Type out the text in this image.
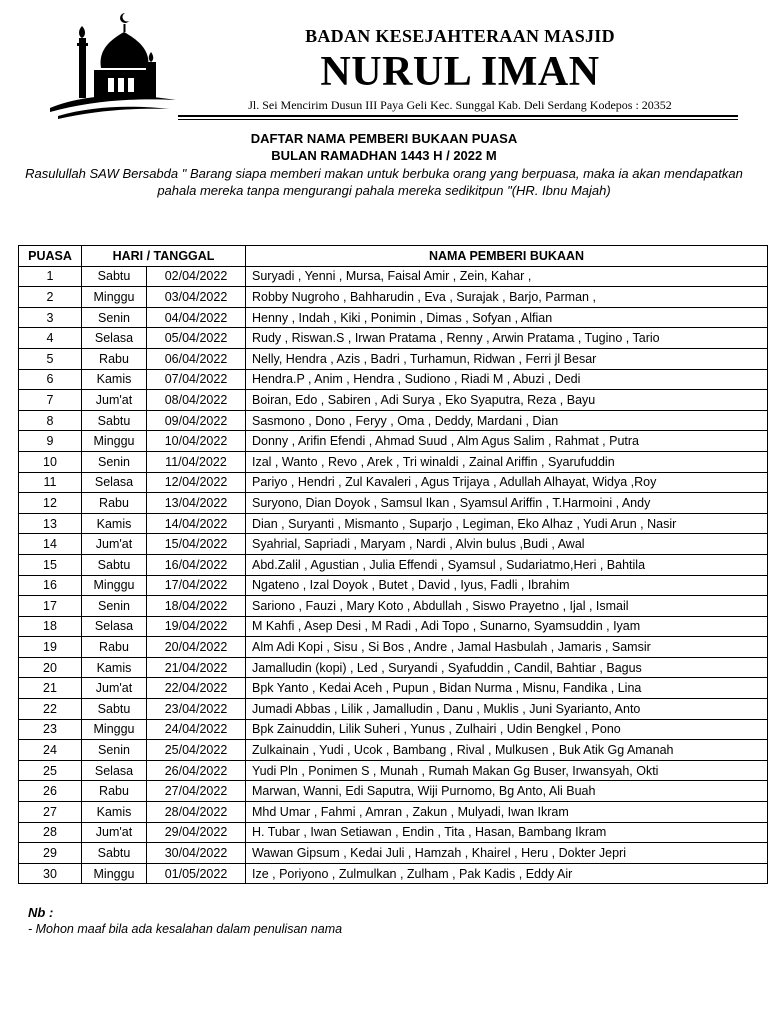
BADAN KESEJAHTERAAN MASJID
NURUL IMAN
Jl. Sei Mencirim Dusun III Paya Geli Kec. Sunggal Kab. Deli Serdang Kodepos : 20352
DAFTAR NAMA PEMBERI BUKAAN PUASA
BULAN RAMADHAN 1443 H / 2022 M
Rasulullah SAW Bersabda " Barang siapa memberi makan untuk berbuka orang yang berpuasa, maka ia akan mendapatkan pahala mereka tanpa mengurangi pahala mereka sedikitpun "(HR. Ibnu Majah)
PUASA	HARI / TANGGAL		NAMA PEMBERI BUKAAN
1	Sabtu	02/04/2022	Suryadi , Yenni , Mursa, Faisal Amir , Zein, Kahar ,
2	Minggu	03/04/2022	Robby Nugroho , Bahharudin , Eva , Surajak , Barjo, Parman ,
3	Senin	04/04/2022	Henny , Indah , Kiki , Ponimin , Dimas , Sofyan , Alfian
4	Selasa	05/04/2022	Rudy , Riswan.S , Irwan Pratama , Renny , Arwin Pratama , Tugino , Tario
5	Rabu	06/04/2022	Nelly, Hendra , Azis , Badri , Turhamun, Ridwan , Ferri jl Besar
6	Kamis	07/04/2022	Hendra.P , Anim , Hendra , Sudiono , Riadi M , Abuzi , Dedi
7	Jum'at	08/04/2022	Boiran, Edo , Sabiren , Adi Surya , Eko Syaputra, Reza , Bayu
8	Sabtu	09/04/2022	Sasmono , Dono , Feryy , Oma , Deddy, Mardani , Dian
9	Minggu	10/04/2022	Donny , Arifin Efendi , Ahmad Suud , Alm Agus Salim , Rahmat , Putra
10	Senin	11/04/2022	Izal , Wanto , Revo , Arek , Tri winaldi , Zainal Ariffin , Syarufuddin
11	Selasa	12/04/2022	Pariyo , Hendri , Zul Kavaleri , Agus Trijaya , Adullah Alhayat, Widya ,Roy
12	Rabu	13/04/2022	Suryono, Dian Doyok , Samsul Ikan , Syamsul Ariffin , T.Harmoini , Andy
13	Kamis	14/04/2022	Dian , Suryanti , Mismanto , Suparjo , Legiman, Eko Alhaz , Yudi Arun , Nasir
14	Jum'at	15/04/2022	Syahrial, Sapriadi , Maryam , Nardi , Alvin bulus ,Budi , Awal
15	Sabtu	16/04/2022	Abd.Zalil , Agustian , Julia Effendi , Syamsul , Sudariatmo,Heri , Bahtila
16	Minggu	17/04/2022	Ngateno , Izal Doyok , Butet , David , Iyus, Fadli , Ibrahim
17	Senin	18/04/2022	Sariono , Fauzi , Mary Koto , Abdullah , Siswo Prayetno , Ijal , Ismail
18	Selasa	19/04/2022	M Kahfi , Asep Desi , M Radi , Adi Topo , Sunarno, Syamsuddin , Iyam
19	Rabu	20/04/2022	Alm Adi Kopi , Sisu , Si Bos , Andre , Jamal Hasbulah , Jamaris , Samsir
20	Kamis	21/04/2022	Jamalludin (kopi) , Led , Suryandi , Syafuddin , Candil, Bahtiar , Bagus
21	Jum'at	22/04/2022	Bpk Yanto , Kedai Aceh , Pupun , Bidan Nurma , Misnu, Fandika , Lina
22	Sabtu	23/04/2022	Jumadi Abbas , Lilik , Jamalludin , Danu , Muklis , Juni Syarianto, Anto
23	Minggu	24/04/2022	Bpk Zainuddin, Lilik Suheri , Yunus , Zulhairi , Udin Bengkel , Pono
24	Senin	25/04/2022	Zulkainain , Yudi , Ucok , Bambang , Rival , Mulkusen , Buk Atik Gg Amanah
25	Selasa	26/04/2022	Yudi Pln , Ponimen S , Munah , Rumah Makan Gg Buser, Irwansyah, Okti
26	Rabu	27/04/2022	Marwan, Wanni, Edi Saputra, Wiji Purnomo, Bg Anto, Ali Buah
27	Kamis	28/04/2022	Mhd Umar , Fahmi , Amran , Zakun , Mulyadi, Iwan Ikram
28	Jum'at	29/04/2022	H. Tubar , Iwan Setiawan , Endin , Tita , Hasan, Bambang Ikram
29	Sabtu	30/04/2022	Wawan Gipsum , Kedai Juli , Hamzah , Khairel , Heru , Dokter Jepri
30	Minggu	01/05/2022	Ize , Poriyono , Zulmulkan , Zulham , Pak Kadis , Eddy Air
Nb :
- Mohon maaf bila ada kesalahan dalam penulisan nama
